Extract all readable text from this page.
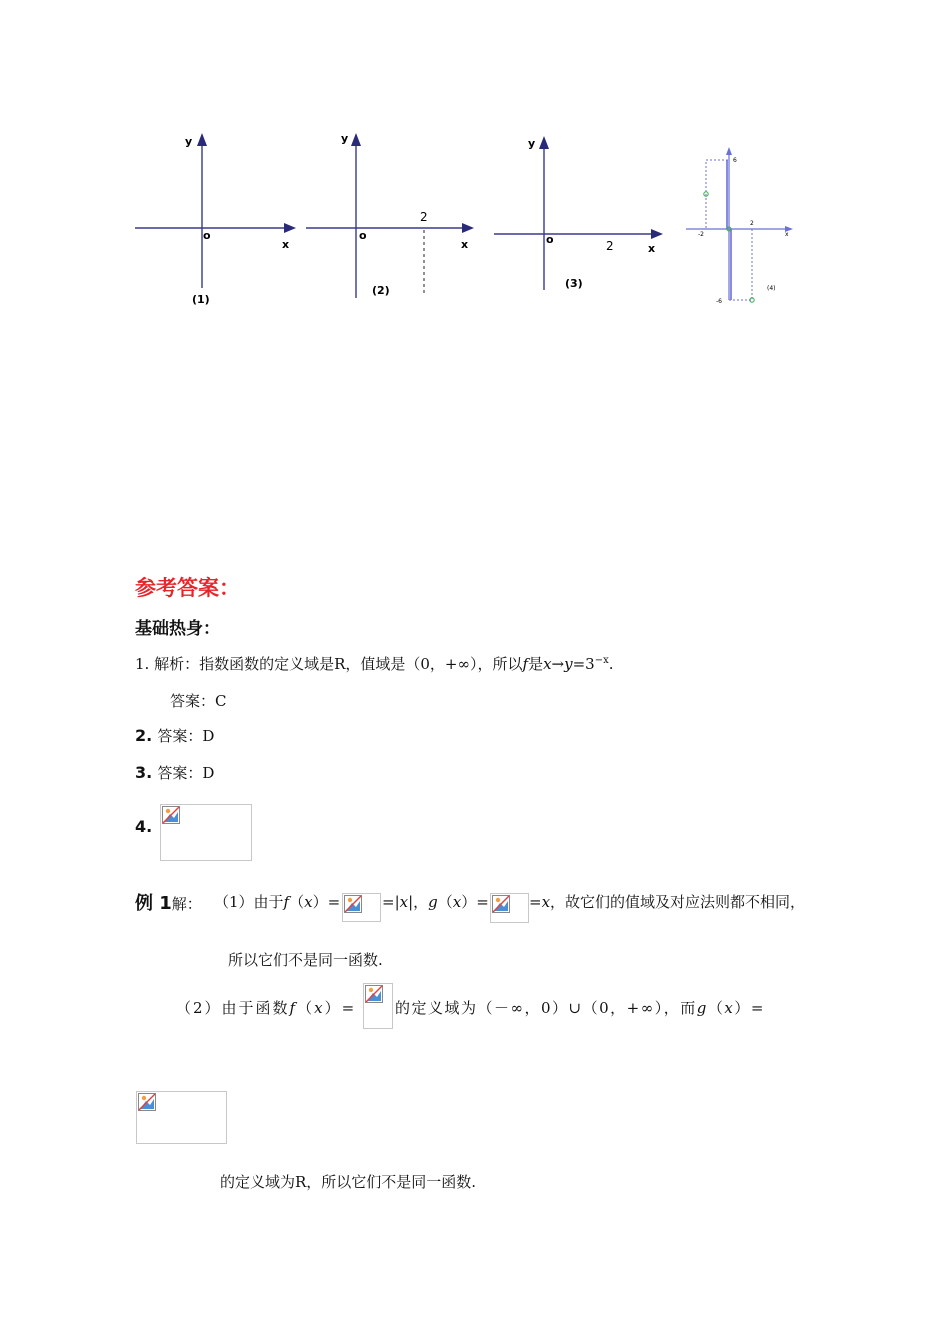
y
x
o
(1)
y
x
o
2
(2)
y
x
o	2
(3)
6
-2
2
x
-6
(4)
参考答案：
基础热身：
1. 解析：指数函数的定义域是R，值域是（0，+∞），所以f是$x\to y=3^{-x}$.
答案：C
2. 答案：D
3. 答案：D
4.
例 1解： （1）由于f（x）=	=|x|，g（x）=	=x，故它们的值域及对应法则都不相同，
所以它们不是同一函数.
（2）由于函数f（x）=	的定义域为（－∞，0）∪（0，+∞），而g（x）=
的定义域为R，所以它们不是同一函数.
